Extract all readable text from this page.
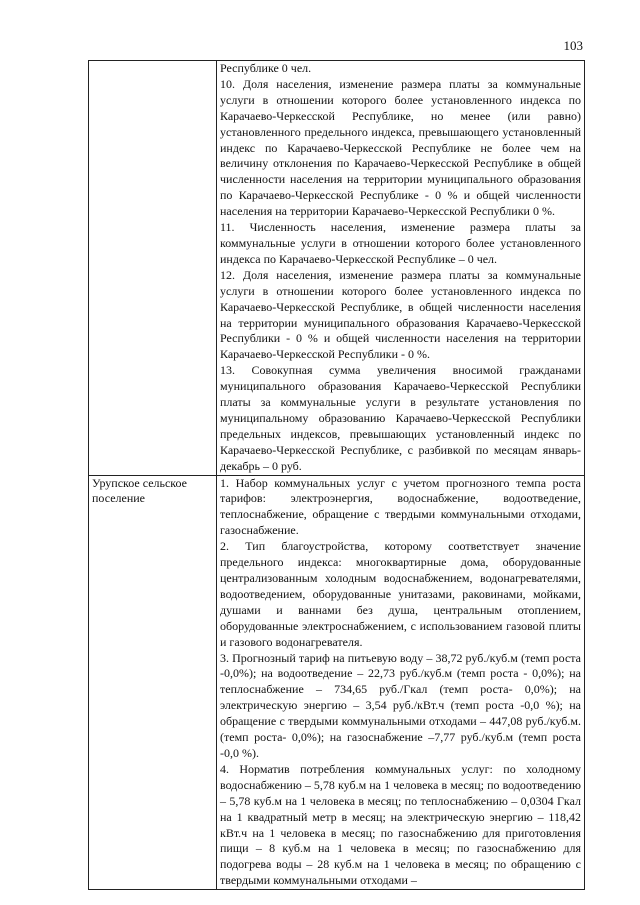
103

	Республике 0 чел.

10. Доля населения, изменение размера платы за коммунальные услуги в отношении которого более установленного индекса по Карачаево-Черкесской Республике, но менее (или равно) установленного предельного индекса, превышающего установленный индекс по Карачаево-Черкесской Республике не более чем на величину отклонения по Карачаево-Черкесской Республике в общей численности населения на территории муниципального образования по Карачаево-Черкесской Республике - 0 % и общей численности населения на территории Карачаево-Черкесской Республики 0 %.

11. Численность населения, изменение размера платы за коммунальные услуги в отношении которого более установленного индекса по Карачаево-Черкесской Республике – 0 чел.

12. Доля населения, изменение размера платы за коммунальные услуги в отношении которого более установленного индекса по Карачаево-Черкесской Республике, в общей численности населения на территории муниципального образования Карачаево-Черкесской Республики - 0 % и общей численности населения на территории Карачаево-Черкесской Республики - 0 %.

13. Совокупная сумма увеличения вносимой гражданами муниципального образования Карачаево-Черкесской Республики платы за коммунальные услуги в результате установления по муниципальному образованию Карачаево-Черкесской Республики предельных индексов, превышающих установленный индекс по Карачаево-Черкесской Республике, с разбивкой по месяцам январь-декабрь – 0 руб.

Урупское сельское поселение	1. Набор коммунальных услуг с учетом прогнозного темпа роста тарифов: электроэнергия, водоснабжение, водоотведение, теплоснабжение, обращение с твердыми коммунальными отходами, газоснабжение.

2. Тип благоустройства, которому соответствует значение предельного индекса: многоквартирные дома, оборудованные централизованным холодным водоснабжением, водонагревателями, водоотведением, оборудованные унитазами, раковинами, мойками, душами и ваннами без душа, центральным отоплением, оборудованные электроснабжением, с использованием газовой плиты и газового водонагревателя.

3. Прогнозный тариф на питьевую воду – 38,72 руб./куб.м (темп роста -0,0%); на водоотведение – 22,73 руб./куб.м (темп роста - 0,0%); на теплоснабжение – 734,65 руб./Гкал (темп роста- 0,0%); на электрическую энергию – 3,54 руб./кВт.ч (темп роста -0,0 %); на обращение с твердыми коммунальными отходами – 447,08 руб./куб.м. (темп роста- 0,0%); на газоснабжение –7,77 руб./куб.м (темп роста -0,0 %).

4. Норматив потребления коммунальных услуг: по холодному водоснабжению – 5,78 куб.м на 1 человека в месяц; по водоотведению – 5,78 куб.м на 1 человека в месяц; по теплоснабжению – 0,0304 Гкал на 1 квадратный метр в месяц; на электрическую энергию – 118,42 кВт.ч на 1 человека в месяц; по газоснабжению для приготовления пищи – 8 куб.м на 1 человека в месяц; по газоснабжению для подогрева воды – 28 куб.м на 1 человека в месяц; по обращению с твердыми коммунальными отходами –
